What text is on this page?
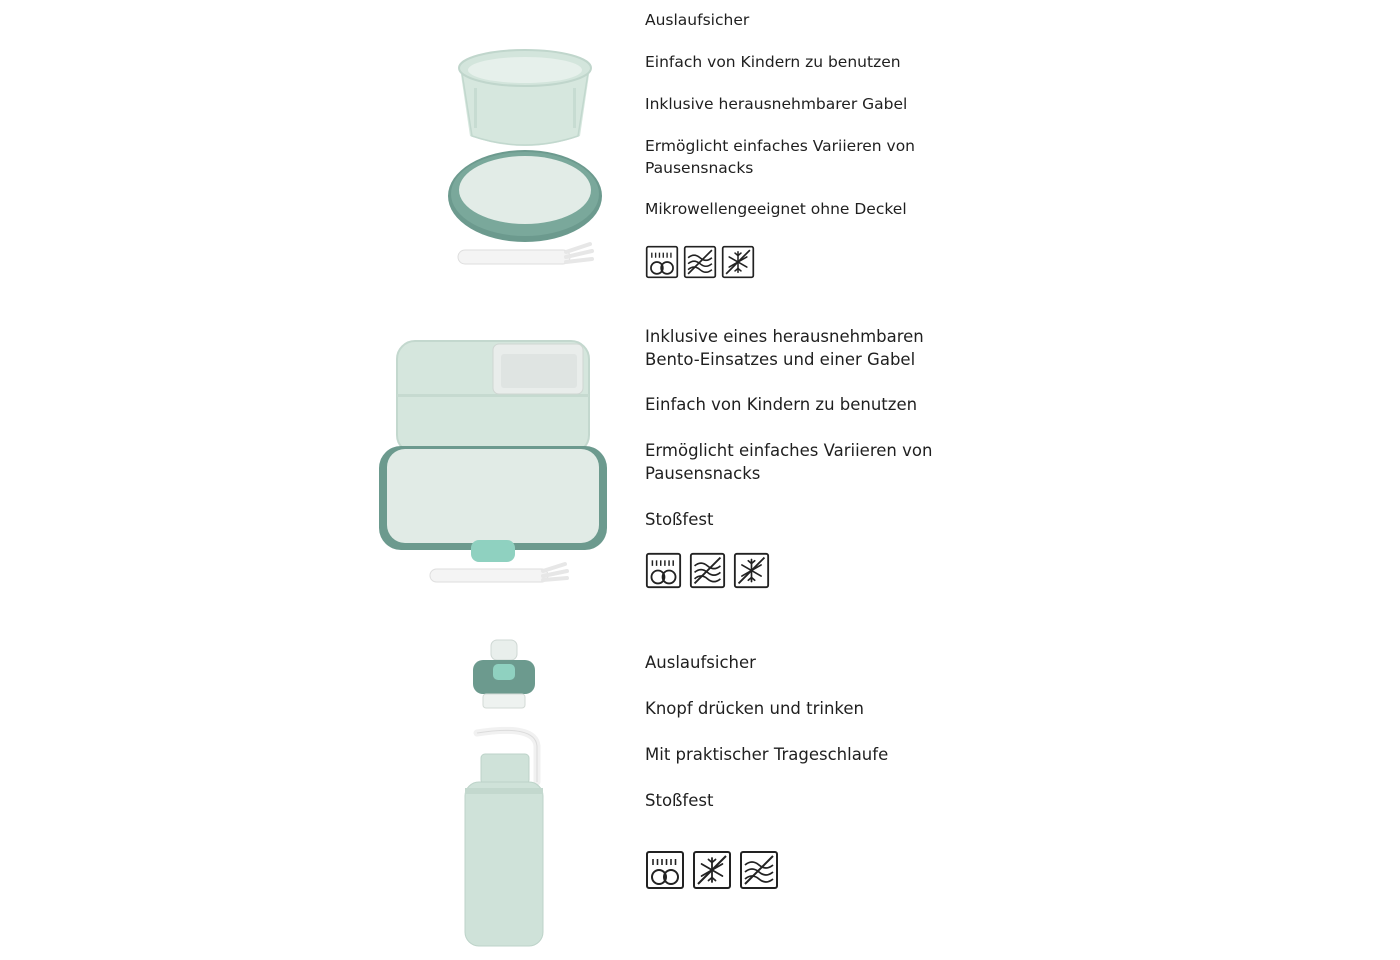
Auslaufsicher

Einfach von Kindern zu benutzen

Inklusive herausnehmbarer Gabel

Ermöglicht einfaches Variieren von Pausensnacks

Mikrowellengeeignet ohne Deckel

Inklusive eines herausnehmbaren Bento-Einsatzes und einer Gabel

Einfach von Kindern zu benutzen

Ermöglicht einfaches Variieren von Pausensnacks

Stoßfest

Auslaufsicher

Knopf drücken und trinken

Mit praktischer Trageschlaufe

Stoßfest
